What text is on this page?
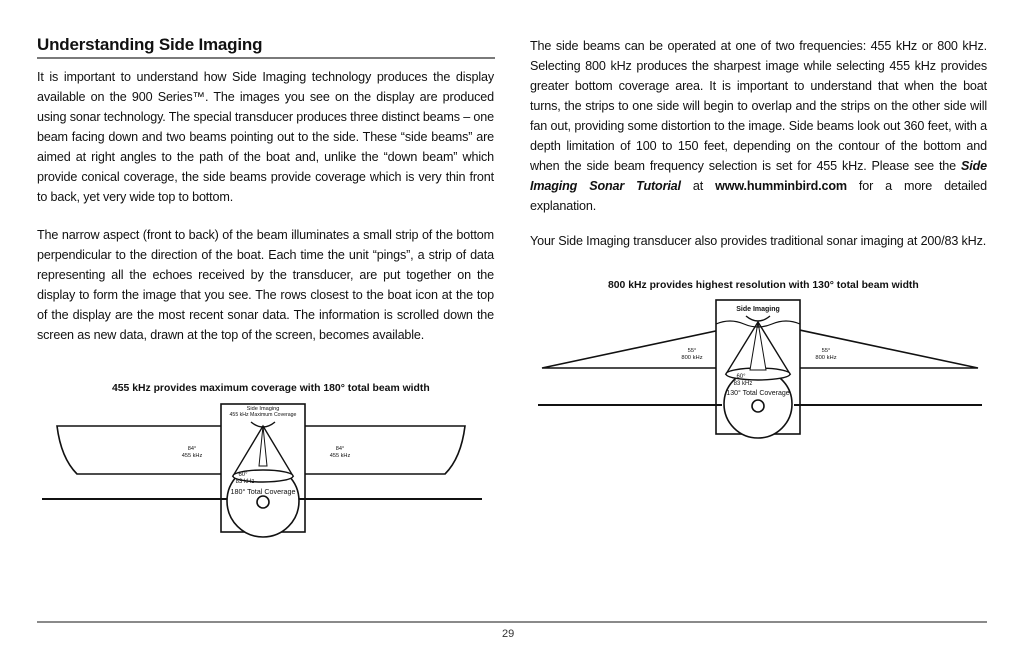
Understanding Side Imaging

It is important to understand how Side Imaging technology produces the display available on the 900 Series™. The images you see on the display are produced using sonar technology. The special transducer produces three distinct beams – one beam facing down and two beams pointing out to the side. These “side beams” are aimed at right angles to the path of the boat and, unlike the “down beam” which provide conical coverage, the side beams provide coverage which is very thin front to back, yet very wide top to bottom.

The narrow aspect (front to back) of the beam illuminates a small strip of the bottom perpendicular to the direction of the boat. Each time the unit “pings”, a strip of data representing all the echoes received by the transducer, are put together on the display to form the image that you see. The rows closest to the boat icon at the top of the display are the most recent sonar data. The information is scrolled down the screen as new data, drawn at the top of the screen, becomes available.

The side beams can be operated at one of two frequencies: 455 kHz or 800 kHz. Selecting 800 kHz produces the sharpest image while selecting 455 kHz provides greater bottom coverage area. It is important to understand that when the boat turns, the strips to one side will begin to overlap and the strips on the other side will fan out, providing some distortion to the image. Side beams look out 360 feet, with a depth limitation of 100 to 150 feet, depending on the contour of the bottom and when the side beam frequency selection is set for 455 kHz. Please see the Side Imaging Sonar Tutorial at www.humminbird.com for a more detailed explanation.

Your Side Imaging transducer also provides traditional sonar imaging at 200/83 kHz.

455 kHz provides maximum coverage with 180° total beam width
Side Imaging
455 kHz Maximum Coverage
84°
455 kHz
84°
455 kHz
60°
83 kHz
180° Total Coverage
800 kHz provides highest resolution with 130° total beam width
Side Imaging
55°
800 kHz
55°
800 kHz
60°
83 kHz
130° Total Coverage
29
